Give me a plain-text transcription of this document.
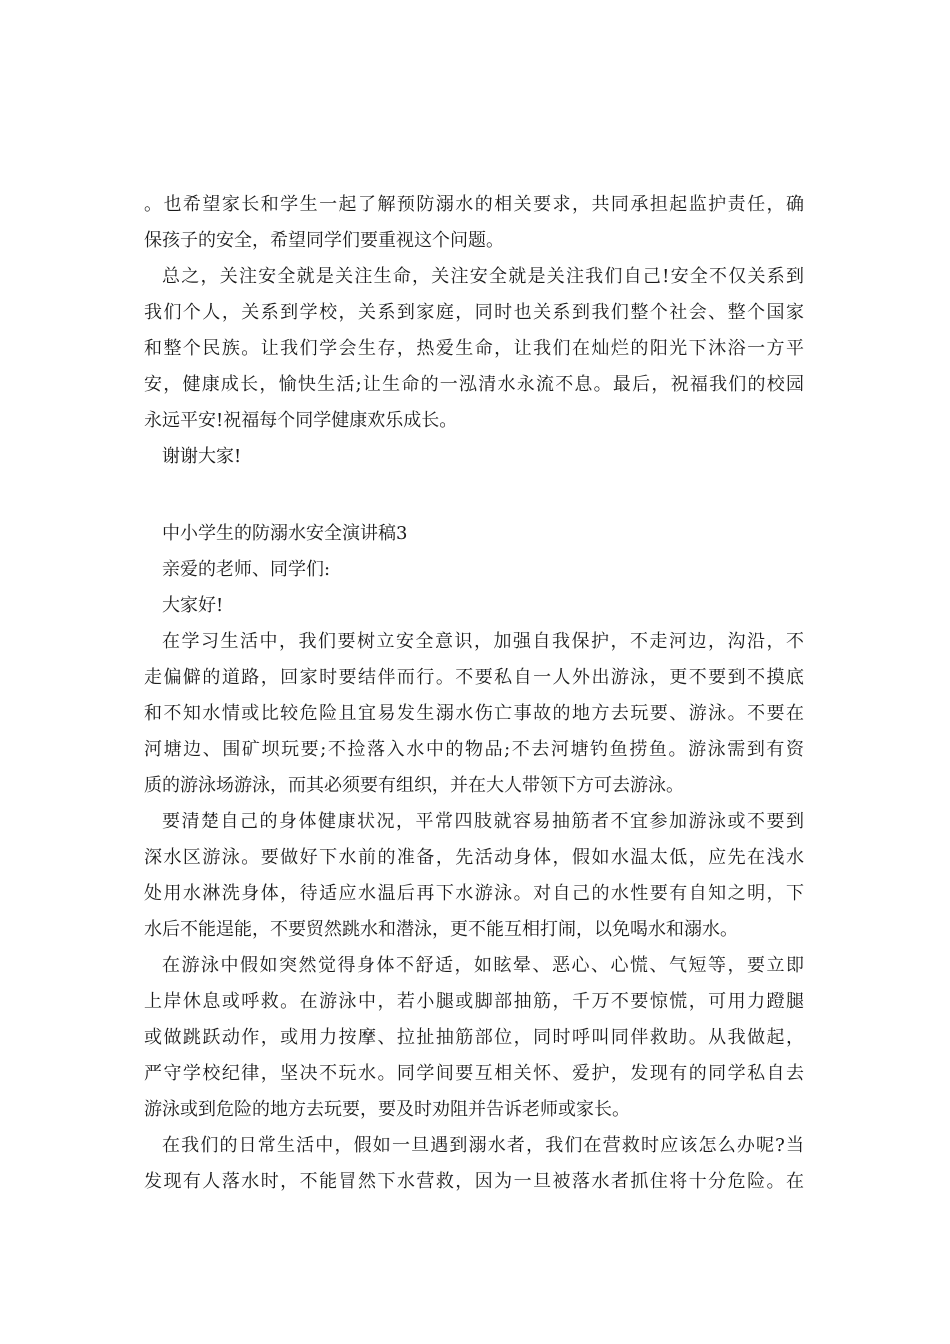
。也希望家长和学生一起了解预防溺水的相关要求，共同承担起监护责任，确
保孩子的安全，希望同学们要重视这个问题。
总之，关注安全就是关注生命，关注安全就是关注我们自己!安全不仅关系到
我们个人，关系到学校，关系到家庭，同时也关系到我们整个社会、整个国家
和整个民族。让我们学会生存，热爱生命，让我们在灿烂的阳光下沐浴一方平
安，健康成长，愉快生活;让生命的一泓清水永流不息。最后，祝福我们的校园
永远平安!祝福每个同学健康欢乐成长。
谢谢大家!
中小学生的防溺水安全演讲稿3
亲爱的老师、同学们:
大家好!
在学习生活中，我们要树立安全意识，加强自我保护，不走河边，沟沿，不
走偏僻的道路，回家时要结伴而行。不要私自一人外出游泳，更不要到不摸底
和不知水情或比较危险且宜易发生溺水伤亡事故的地方去玩要、游泳。不要在
河塘边、围矿坝玩要;不捡落入水中的物品;不去河塘钓鱼捞鱼。游泳需到有资
质的游泳场游泳，而其必须要有组织，并在大人带领下方可去游泳。
要清楚自己的身体健康状况，平常四肢就容易抽筋者不宜参加游泳或不要到
深水区游泳。要做好下水前的准备，先活动身体，假如水温太低，应先在浅水
处用水淋洗身体，待适应水温后再下水游泳。对自己的水性要有自知之明，下
水后不能逞能，不要贸然跳水和潜泳，更不能互相打闹，以免喝水和溺水。
在游泳中假如突然觉得身体不舒适，如眩晕、恶心、心慌、气短等，要立即
上岸休息或呼救。在游泳中，若小腿或脚部抽筋，千万不要惊慌，可用力蹬腿
或做跳跃动作，或用力按摩、拉扯抽筋部位，同时呼叫同伴救助。从我做起，
严守学校纪律，坚决不玩水。同学间要互相关怀、爱护，发现有的同学私自去
游泳或到危险的地方去玩要，要及时劝阻并告诉老师或家长。
在我们的日常生活中，假如一旦遇到溺水者，我们在营救时应该怎么办呢?当
发现有人落水时，不能冒然下水营救，因为一旦被落水者抓住将十分危险。在
